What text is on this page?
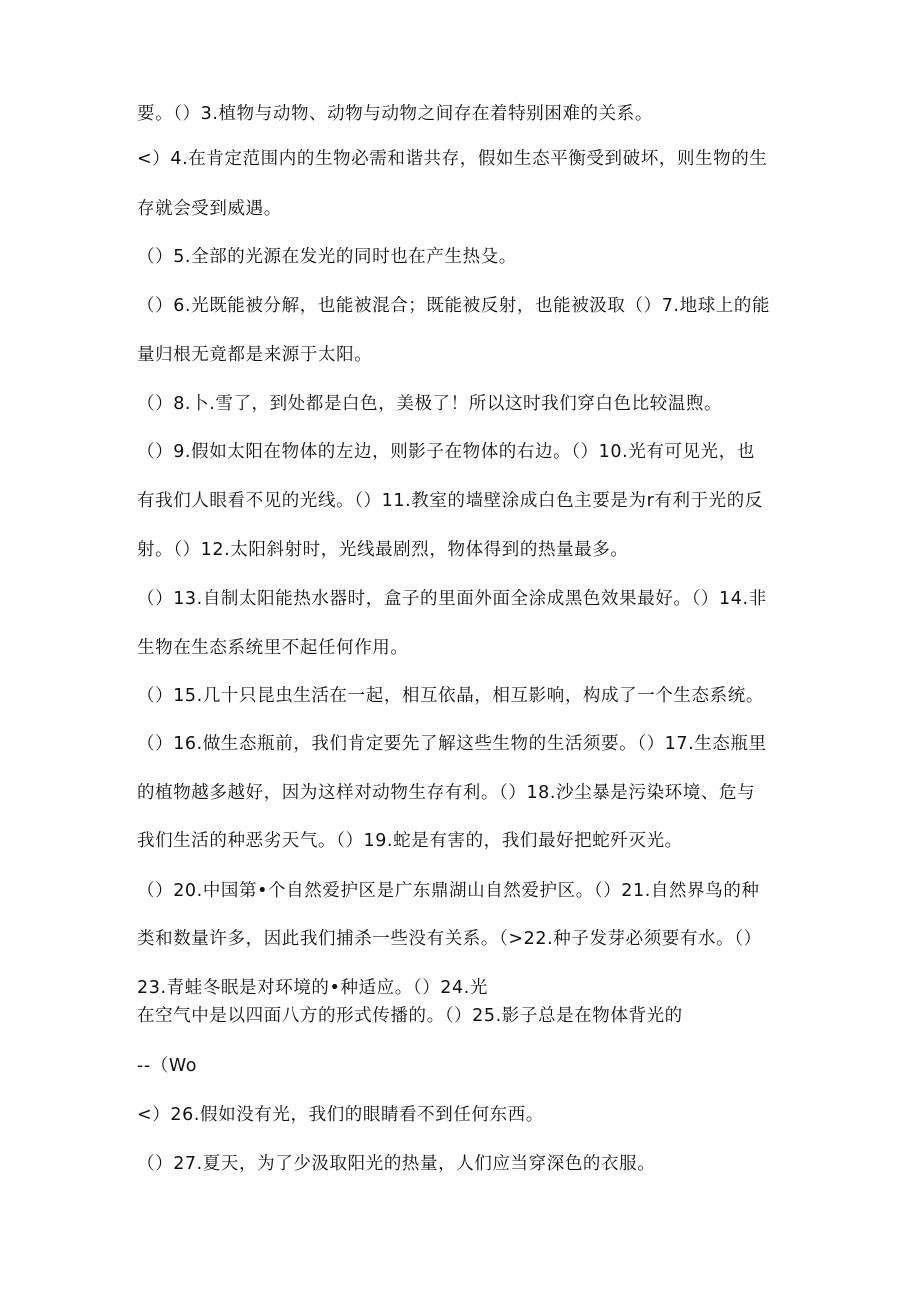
要。（）3.植物与动物、动物与动物之间存在着特别困难的关系。
<）4.在肯定范围内的生物必需和谐共存，假如生态平衡受到破坏，则生物的生
存就会受到威遇。
（）5.全部的光源在发光的同时也在产生热殳。
（）6.光既能被分解，也能被混合；既能被反射，也能被汲取（）7.地球上的能
量归根无竟都是来源于太阳。
（）8.卜.雪了，到处都是白色，美极了！所以这时我们穿白色比较温煦。
（）9.假如太阳在物体的左边，则影子在物体的右边。（）10.光有可见光，也
有我们人眼看不见的光线。（）11.教室的墙壁涂成白色主要是为r有利于光的反
射。（）12.太阳斜射时，光线最剧烈，物体得到的热量最多。
（）13.自制太阳能热水器时，盒子的里面外面全涂成黑色效果最好。（）14.非
生物在生态系统里不起任何作用。
（）15.几十只昆虫生活在一起，相互依晶，相互影响，构成了一个生态系统。
（）16.做生态瓶前，我们肯定要先了解这些生物的生活须要。（）17.生态瓶里
的植物越多越好，因为这样对动物生存有利。（）18.沙尘暴是污染环境、危与
我们生活的种恶劣天气。（）19.蛇是有害的，我们最好把蛇歼灭光。
（）20.中国第•个自然爱护区是广东鼎湖山自然爱护区。（）21.自然界鸟的种
类和数量许多，因此我们捕杀一些没有关系。（>22.种子发芽必须要有水。（）
23.青蛙冬眠是对环境的•种适应。（）24.光
在空气中是以四面八方的形式传播的。（）25.影子总是在物体背光的
--（Wo
<）26.假如没有光，我们的眼睛看不到任何东西。
（）27.夏天，为了少汲取阳光的热量，人们应当穿深色的衣服。
